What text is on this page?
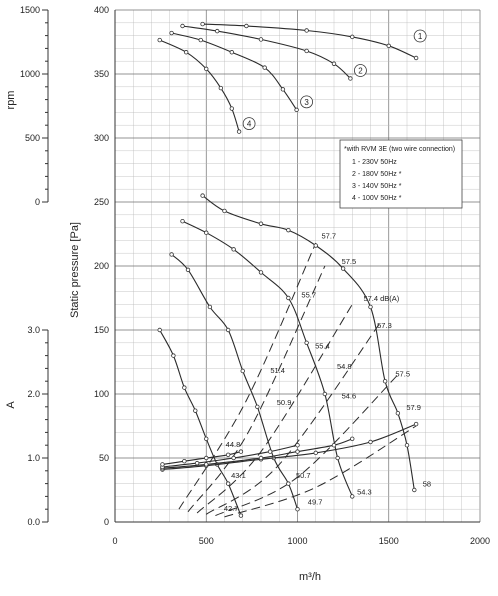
0
50
100
150
200
250
300
350
400
0	500	1000	1500	2000
0
500
1000
1500
0.0
1.0
2.0
3.0
57.7
57.5
57.4 dB(A)
57.3
57.5
57.9
58
55.7
55.4
54.8
54.6
54.3
51.4
50.9
50.7
49.7
44.8
43.1
42.7
1
2
3
4
*with RVM 3E (two wire connection)
1 - 230V 50Hz
2 - 180V 50Hz *
3 - 140V 50Hz *
4 - 100V 50Hz *
rpm
Static pressure [Pa]
A
m³/h
